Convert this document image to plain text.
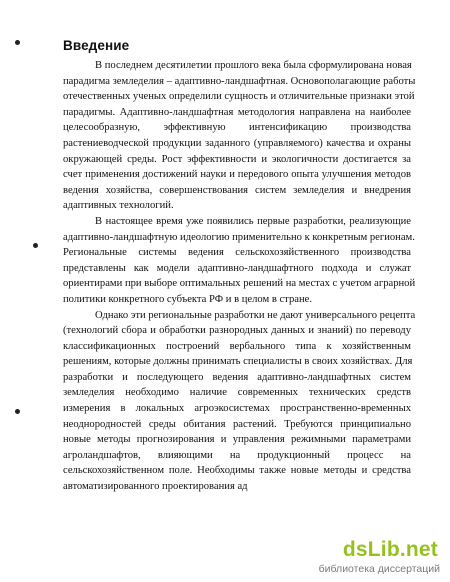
Введение

В последнем десятилетии прошлого века была сформулирована новая
парадигма земледелия – адаптивно-ландшафтная. Основополагающие работы
отечественных ученых определили сущность и отличительные признаки этой
парадигмы. Адаптивно-ландшафтная методология направлена на наиболее
целесообразную, эффективную интенсификацию производства
растениеводческой продукции заданного (управляемого) качества и охраны
окружающей среды. Рост эффективности и экологичности достигается за
счет применения достижений науки и передового опыта улучшения методов
ведения хозяйства, совершенствования систем земледелия и внедрения
адаптивных технологий.

В настоящее время уже появились первые разработки, реализующие
адаптивно-ландшафтную идеологию применительно к конкретным регионам.
Региональные системы ведения сельскохозяйственного производства
представлены как модели адаптивно-ландшафтного подхода и служат
ориентирами при выборе оптимальных решений на местах с учетом аграрной
политики конкретного субъекта РФ и в целом в стране.

Однако эти региональные разработки не дают универсального рецепта
(технологий сбора и обработки разнородных данных и знаний) по переводу
классификационных построений вербального типа к хозяйственным
решениям, которые должны принимать специалисты в своих хозяйствах. Для
разработки и последующего ведения адаптивно-ландшафтных систем
земледелия необходимо наличие современных технических средств
измерения в локальных агроэкосистемах пространственно-временных
неоднородностей среды обитания растений. Требуются принципиально
новые методы прогнозирования и управления режимными параметрами
агроландшафтов, влияющими на продукционный процесс на
сельскохозяйственном поле. Необходимы также новые методы и средства
автоматизированного проектирования ад

dsLib.net
библиотека диссертаций
